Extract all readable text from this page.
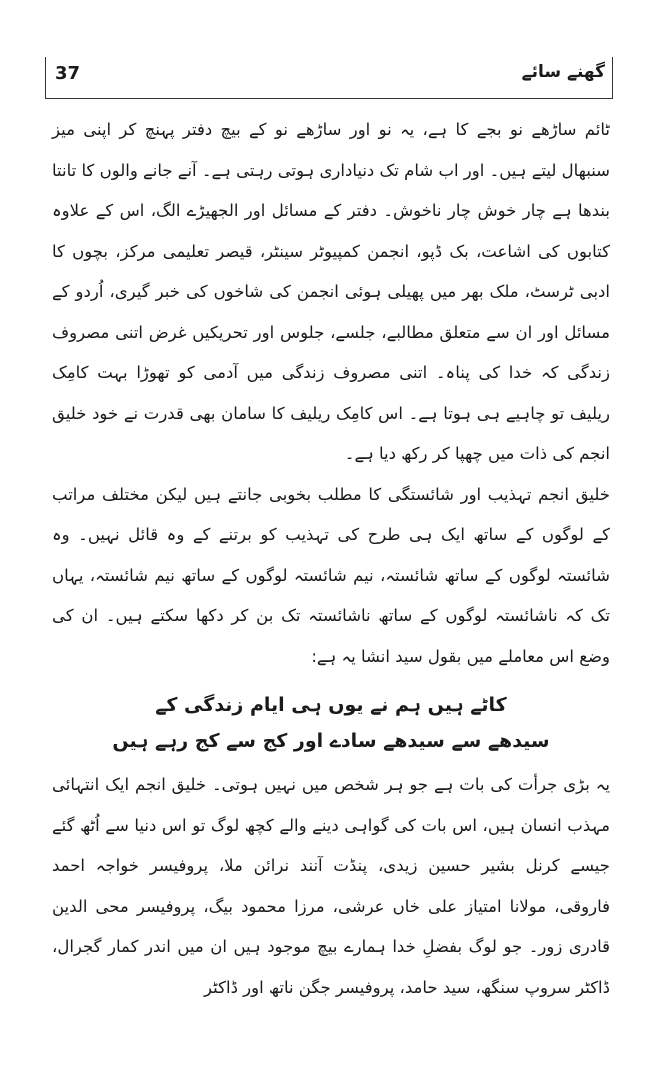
37	گھنے سائے

ٹائم ساڑھے نو بجے کا ہے، یہ نو اور ساڑھے نو کے بیچ دفتر پہنچ کر اپنی میز سنبھال لیتے ہیں۔ اور اب شام تک دنیاداری ہوتی رہتی ہے۔ آنے جانے والوں کا تانتا بندھا ہے چار خوش چار ناخوش۔ دفتر کے مسائل اور الجھیڑے الگ، اس کے علاوہ کتابوں کی اشاعت، بک ڈپو، انجمن کمپیوٹر سینٹر، قیصر تعلیمی مرکز، بچوں کا ادبی ٹرسٹ، ملک بھر میں پھیلی ہوئی انجمن کی شاخوں کی خبر گیری، اُردو کے مسائل اور ان سے متعلق مطالبے، جلسے، جلوس اور تحریکیں غرض اتنی مصروف زندگی کہ خدا کی پناہ۔ اتنی مصروف زندگی میں آدمی کو تھوڑا بہت کامِک ریلیف تو چاہیے ہی ہوتا ہے۔ اس کامِک ریلیف کا سامان بھی قدرت نے خود خلیق انجم کی ذات میں چھپا کر رکھ دیا ہے۔

خلیق انجم تہذیب اور شائستگی کا مطلب بخوبی جانتے ہیں لیکن مختلف مراتب کے لوگوں کے ساتھ ایک ہی طرح کی تہذیب کو برتنے کے وہ قائل نہیں۔ وہ شائستہ لوگوں کے ساتھ شائستہ، نیم شائستہ لوگوں کے ساتھ نیم شائستہ، یہاں تک کہ ناشائستہ لوگوں کے ساتھ ناشائستہ تک بن کر دکھا سکتے ہیں۔ ان کی وضع اس معاملے میں بقول سید انشا یہ ہے:

کاٹے ہیں ہم نے یوں ہی ایام زندگی کے
سیدھے سے سیدھے سادے اور کج سے کج رہے ہیں

یہ بڑی جرأت کی بات ہے جو ہر شخص میں نہیں ہوتی۔ خلیق انجم ایک انتہائی مہذب انسان ہیں، اس بات کی گواہی دینے والے کچھ لوگ تو اس دنیا سے اُٹھ گئے جیسے کرنل بشیر حسین زیدی، پنڈت آنند نرائن ملا، پروفیسر خواجہ احمد فاروقی، مولانا امتیاز علی خاں عرشی، مرزا محمود بیگ، پروفیسر محی الدین قادری زور۔ جو لوگ بفضلِ خدا ہمارے بیچ موجود ہیں ان میں اندر کمار گجرال، ڈاکٹر سروپ سنگھ، سید حامد، پروفیسر جگن ناتھ اور ڈاکٹر
